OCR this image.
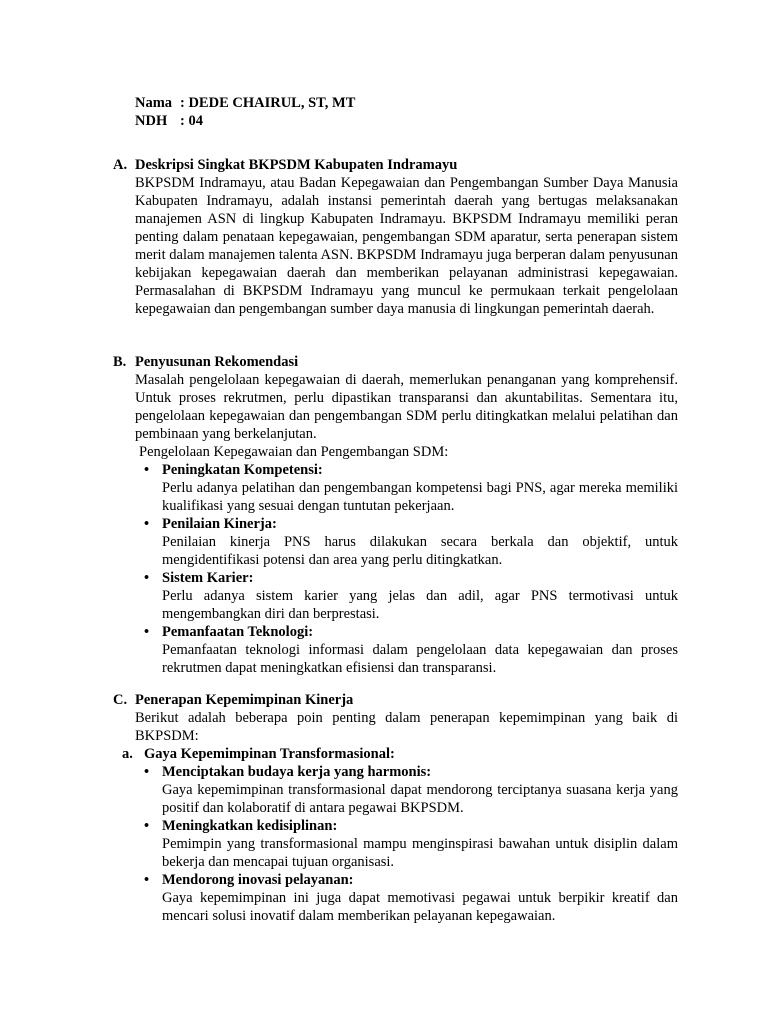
Nama : DEDE CHAIRUL, ST, MT
NDH : 04
A. Deskripsi Singkat BKPSDM Kabupaten Indramayu
BKPSDM Indramayu, atau Badan Kepegawaian dan Pengembangan Sumber Daya Manusia Kabupaten Indramayu, adalah instansi pemerintah daerah yang bertugas melaksanakan manajemen ASN di lingkup Kabupaten Indramayu. BKPSDM Indramayu memiliki peran penting dalam penataan kepegawaian, pengembangan SDM aparatur, serta penerapan sistem merit dalam manajemen talenta ASN. BKPSDM Indramayu juga berperan dalam penyusunan kebijakan kepegawaian daerah dan memberikan pelayanan administrasi kepegawaian. Permasalahan di BKPSDM Indramayu yang muncul ke permukaan terkait pengelolaan kepegawaian dan pengembangan sumber daya manusia di lingkungan pemerintah daerah.
B. Penyusunan Rekomendasi
Masalah pengelolaan kepegawaian di daerah, memerlukan penanganan yang komprehensif. Untuk proses rekrutmen, perlu dipastikan transparansi dan akuntabilitas. Sementara itu, pengelolaan kepegawaian dan pengembangan SDM perlu ditingkatkan melalui pelatihan dan pembinaan yang berkelanjutan.
Pengelolaan Kepegawaian dan Pengembangan SDM:
• Peningkatan Kompetensi:
Perlu adanya pelatihan dan pengembangan kompetensi bagi PNS, agar mereka memiliki kualifikasi yang sesuai dengan tuntutan pekerjaan.
• Penilaian Kinerja:
Penilaian kinerja PNS harus dilakukan secara berkala dan objektif, untuk mengidentifikasi potensi dan area yang perlu ditingkatkan.
• Sistem Karier:
Perlu adanya sistem karier yang jelas dan adil, agar PNS termotivasi untuk mengembangkan diri dan berprestasi.
• Pemanfaatan Teknologi:
Pemanfaatan teknologi informasi dalam pengelolaan data kepegawaian dan proses rekrutmen dapat meningkatkan efisiensi dan transparansi.
C. Penerapan Kepemimpinan Kinerja
Berikut adalah beberapa poin penting dalam penerapan kepemimpinan yang baik di BKPSDM:
a. Gaya Kepemimpinan Transformasional:
• Menciptakan budaya kerja yang harmonis:
Gaya kepemimpinan transformasional dapat mendorong terciptanya suasana kerja yang positif dan kolaboratif di antara pegawai BKPSDM.
• Meningkatkan kedisiplinan:
Pemimpin yang transformasional mampu menginspirasi bawahan untuk disiplin dalam bekerja dan mencapai tujuan organisasi.
• Mendorong inovasi pelayanan:
Gaya kepemimpinan ini juga dapat memotivasi pegawai untuk berpikir kreatif dan mencari solusi inovatif dalam memberikan pelayanan kepegawaian.
